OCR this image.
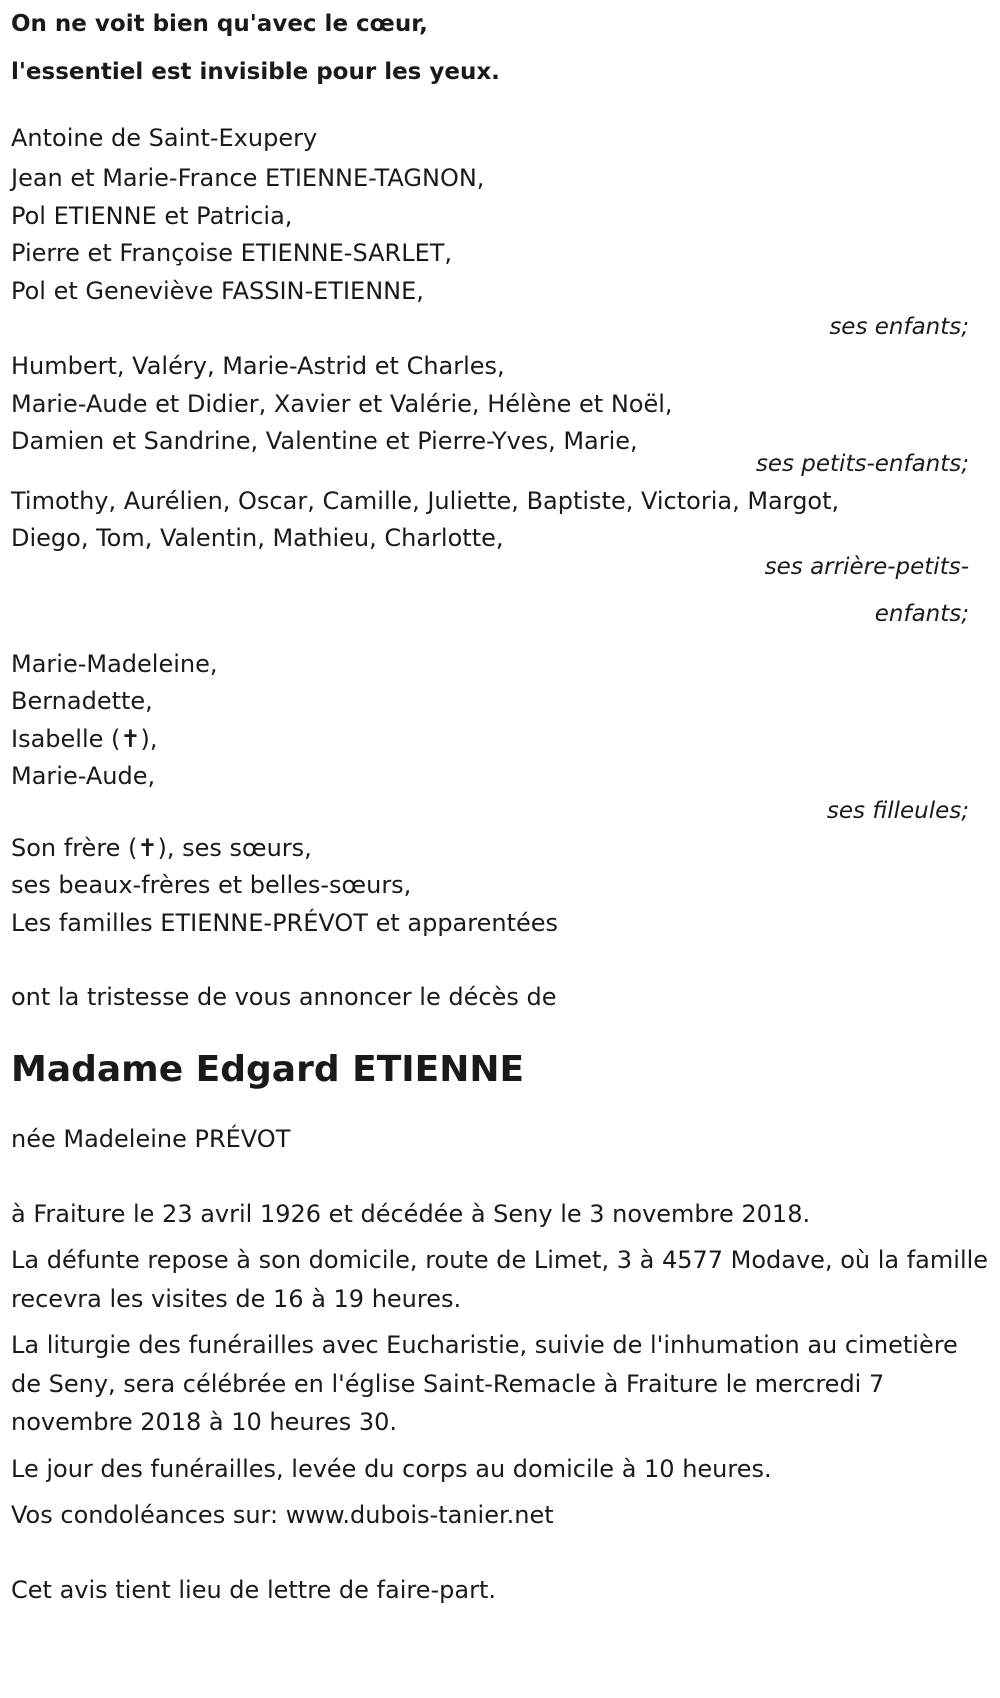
On ne voit bien qu'avec le cœur,

l'essentiel est invisible pour les yeux.

Antoine de Saint-Exupery

Jean et Marie-France ETIENNE-TAGNON,
Pol ETIENNE et Patricia,
Pierre et Françoise ETIENNE-SARLET,
Pol et Geneviève FASSIN-ETIENNE,
ses enfants;
Humbert, Valéry, Marie-Astrid et Charles,
Marie-Aude et Didier, Xavier et Valérie, Hélène et Noël,
Damien et Sandrine, Valentine et Pierre-Yves, Marie,
ses petits-enfants;
Timothy, Aurélien, Oscar, Camille, Juliette, Baptiste, Victoria, Margot,
Diego, Tom, Valentin, Mathieu, Charlotte,
ses arrière-petits-enfants;
Marie-Madeleine,
Bernadette,
Isabelle (✝),
Marie-Aude,
ses filleules;
Son frère (✝), ses sœurs,
ses beaux-frères et belles-sœurs,
Les familles ETIENNE-PRÉVOT et apparentées

ont la tristesse de vous annoncer le décès de

Madame Edgard ETIENNE

née Madeleine PRÉVOT

à Fraiture le 23 avril 1926 et décédée à Seny le 3 novembre 2018.

La défunte repose à son domicile, route de Limet, 3 à 4577 Modave, où la famille recevra les visites de 16 à 19 heures.

La liturgie des funérailles avec Eucharistie, suivie de l'inhumation au cimetière de Seny, sera célébrée en l'église Saint-Remacle à Fraiture le mercredi 7 novembre 2018 à 10 heures 30.

Le jour des funérailles, levée du corps au domicile à 10 heures.

Vos condoléances sur: www.dubois-tanier.net

Cet avis tient lieu de lettre de faire-part.
